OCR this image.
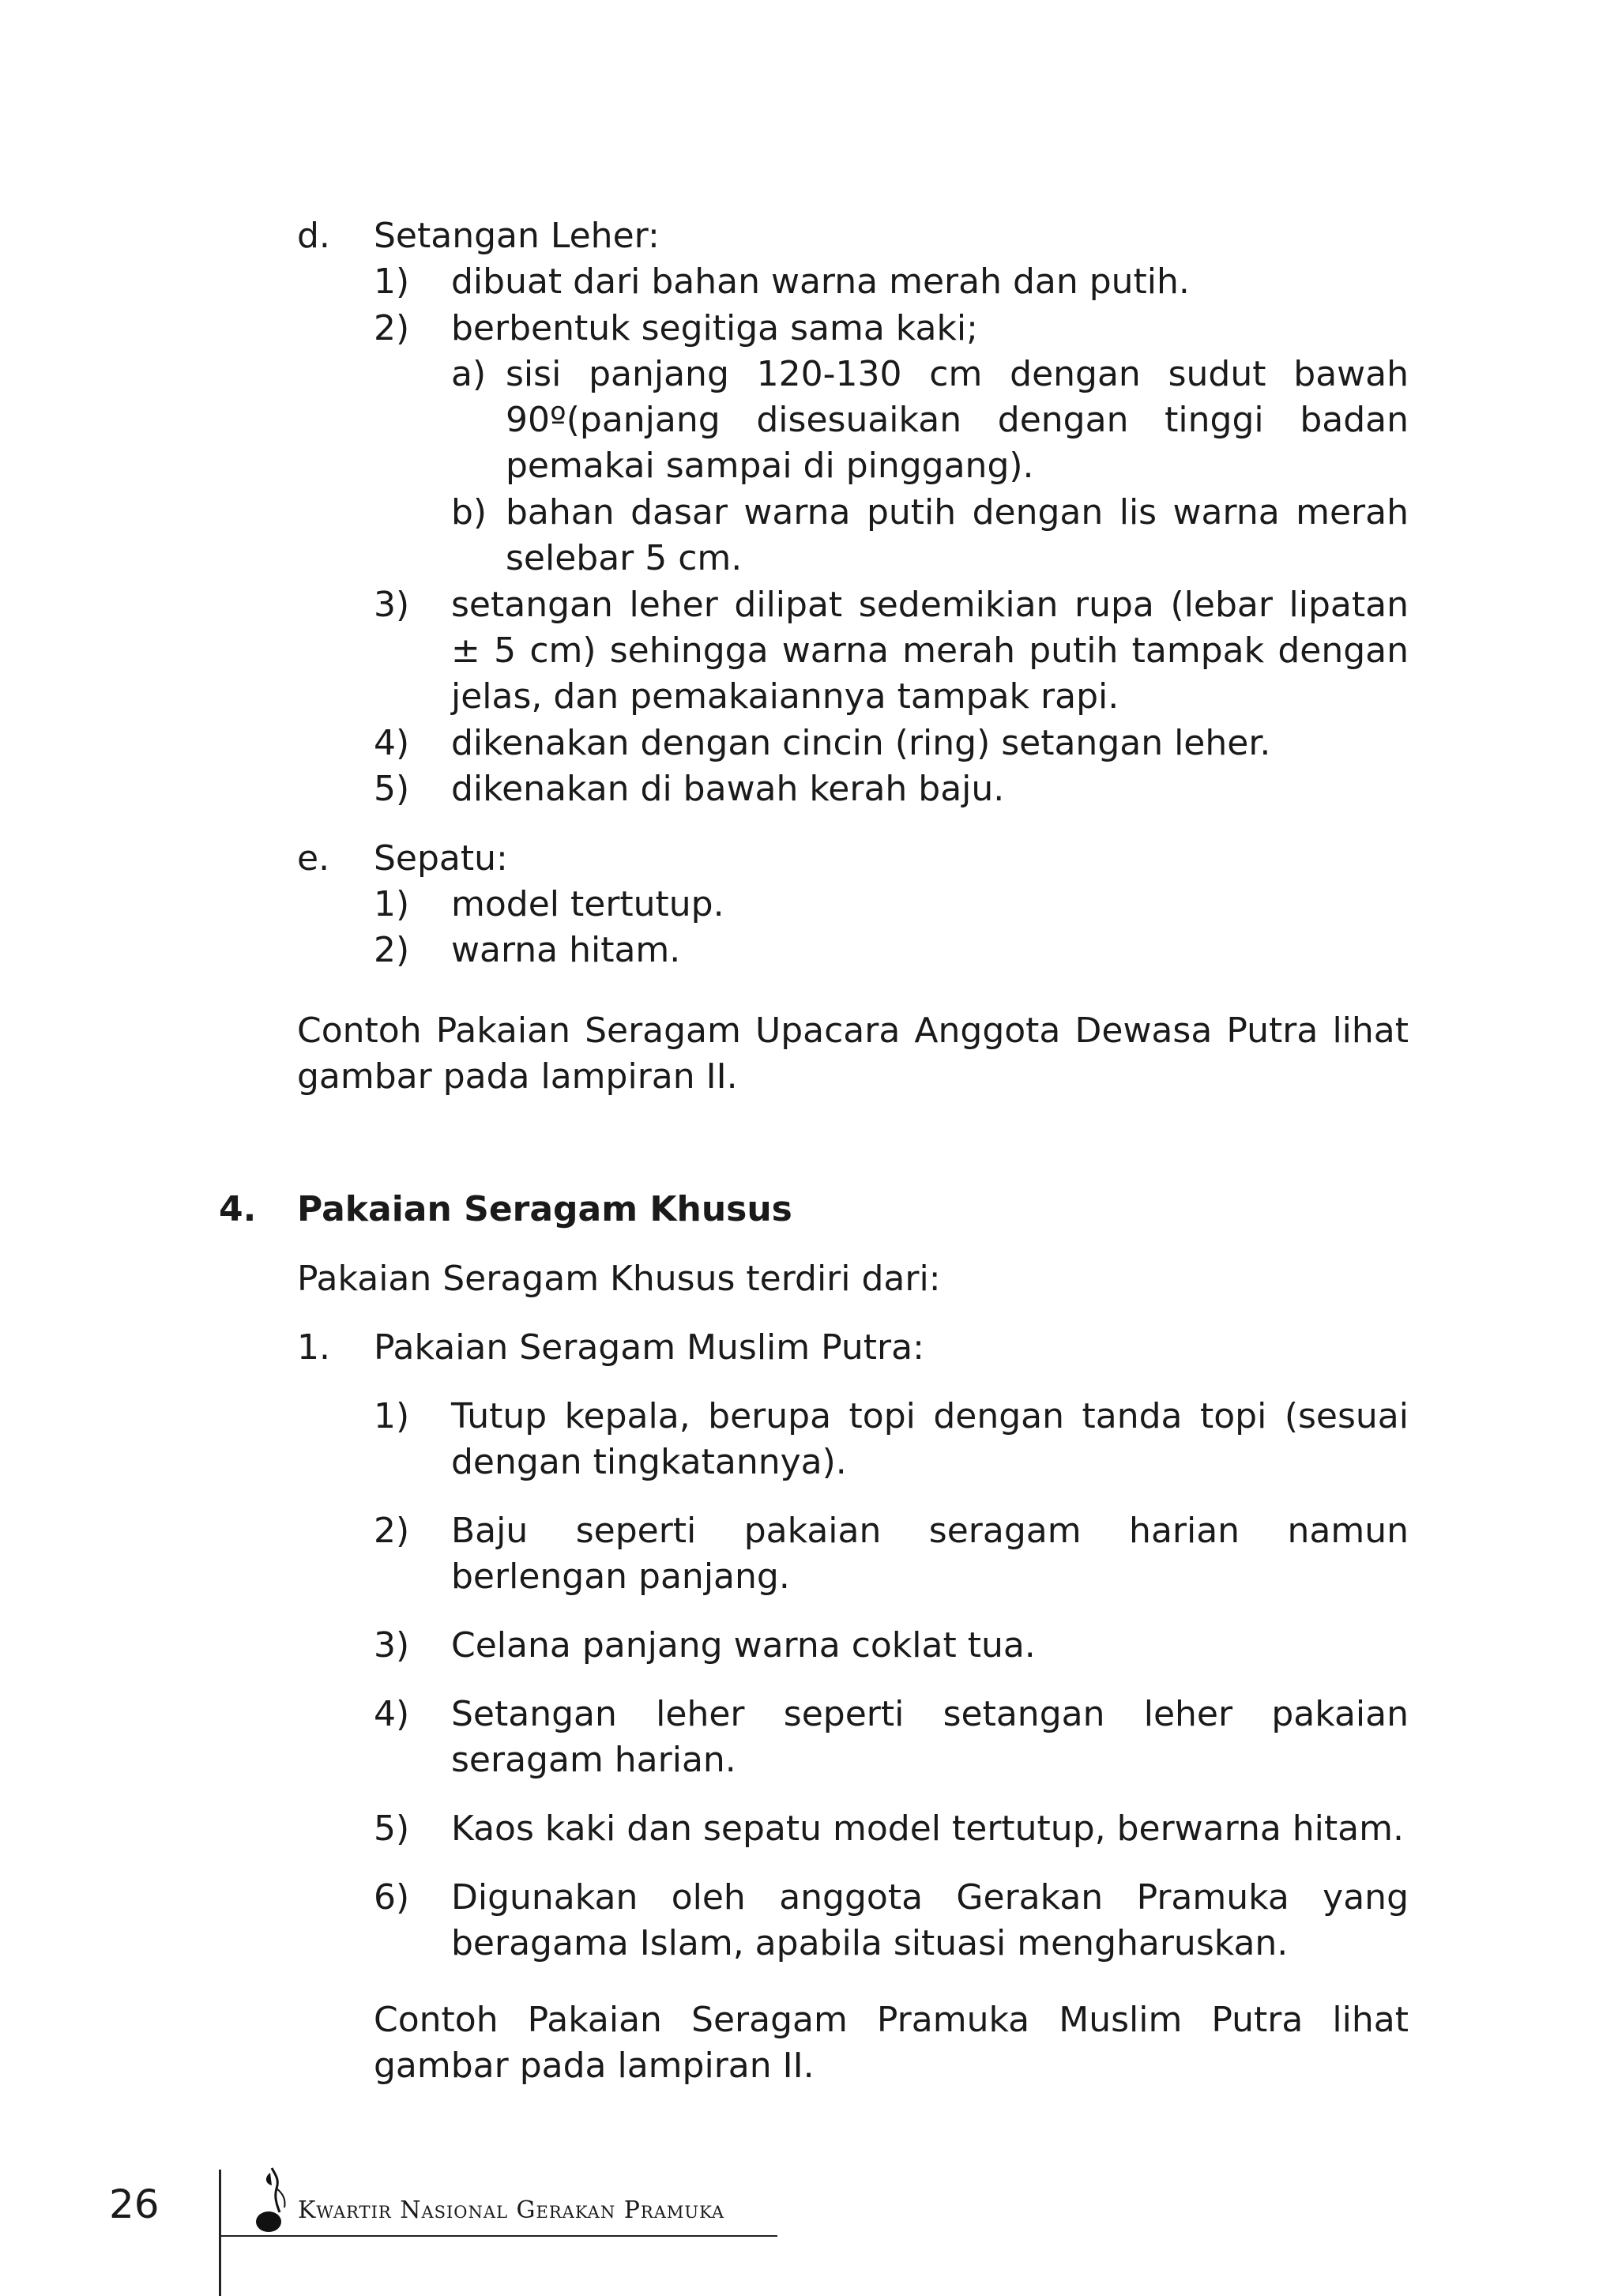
d. Setangan Leher:
1) dibuat dari bahan warna merah dan putih.
2) berbentuk segitiga sama kaki;
a) sisi panjang 120-130 cm dengan sudut bawah 90º(panjang disesuaikan dengan tinggi badan pemakai sampai di pinggang).
b) bahan dasar warna putih dengan lis warna merah selebar 5 cm.
3) setangan leher dilipat sedemikian rupa (lebar lipatan ± 5 cm) sehingga warna merah putih tampak dengan jelas, dan pemakaiannya tampak rapi.
4) dikenakan dengan cincin (ring) setangan leher.
5) dikenakan di bawah kerah baju.
e. Sepatu:
1) model tertutup.
2) warna hitam.
Contoh Pakaian Seragam Upacara Anggota Dewasa Putra lihat gambar pada lampiran II.
4. Pakaian Seragam Khusus
Pakaian Seragam Khusus terdiri dari:
1. Pakaian Seragam Muslim Putra:
1) Tutup kepala, berupa topi dengan tanda topi (sesuai dengan tingkatannya).
2) Baju seperti pakaian seragam harian namun berlengan panjang.
3) Celana panjang warna coklat tua.
4) Setangan leher seperti setangan leher pakaian seragam harian.
5) Kaos kaki dan sepatu model tertutup, berwarna hitam.
6) Digunakan oleh anggota Gerakan Pramuka yang beragama Islam, apabila situasi mengharuskan.
Contoh Pakaian Seragam Pramuka Muslim Putra lihat gambar pada lampiran II.
26	Kwartir Nasional Gerakan Pramuka
